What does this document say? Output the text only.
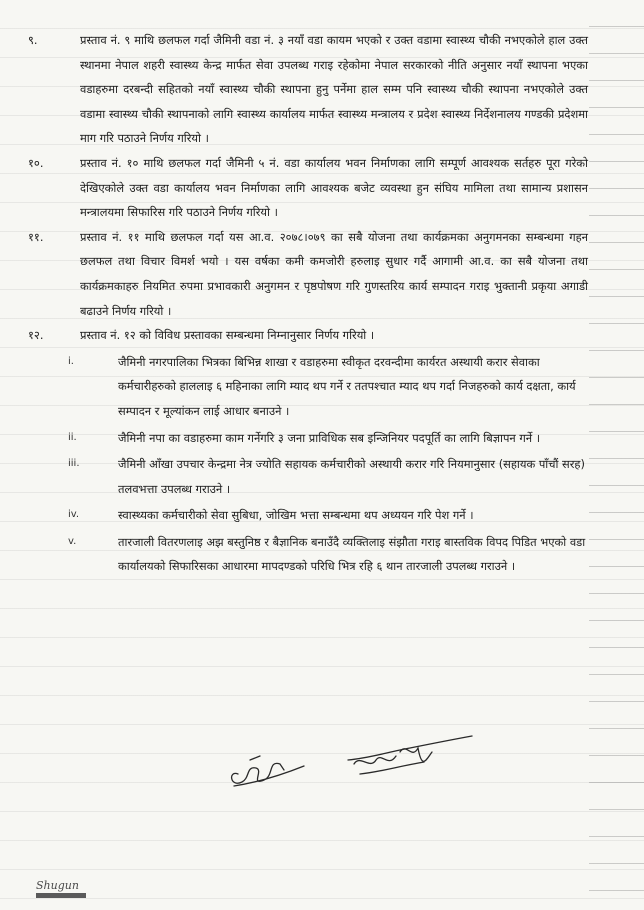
९.	प्रस्ताव नं. ९ माथि छलफल गर्दा जैमिनी वडा नं. ३ नयाँ वडा कायम भएको र उक्त वडामा स्वास्थ्य चौकी नभएकोले हाल उक्त स्थानमा नेपाल शहरी स्वास्थ्य केन्द्र मार्फत सेवा उपलब्ध गराइ रहेकोमा नेपाल सरकारको नीति अनुसार नयाँ स्थापना भएका वडाहरुमा दरबन्दी सहितको नयाँ स्वास्थ्य चौकी स्थापना हुनु पर्नेमा हाल सम्म पनि स्वास्थ्य चौकी स्थापना नभएकोले उक्त वडामा स्वास्थ्य चौकी स्थापनाको लागि स्वास्थ्य कार्यालय मार्फत स्वास्थ्य मन्त्रालय र प्रदेश स्वास्थ्य निर्देशनालय गण्डकी प्रदेशमा माग गरि पठाउने निर्णय गरियो ।

१०.	प्रस्ताव नं. १० माथि छलफल गर्दा जैमिनी ५ नं. वडा कार्यालय भवन निर्माणका लागि सम्पूर्ण आवश्यक सर्तहरु पूरा गरेको देखिएकोले उक्त वडा कार्यालय भवन निर्माणका लागि आवश्यक बजेट व्यवस्था हुन संघिय मामिला तथा सामान्य प्रशासन मन्त्रालयमा सिफारिस गरि पठाउने निर्णय गरियो ।

११.	प्रस्ताव नं. ११ माथि छलफल गर्दा यस आ.व. २०७८।०७९ का सबै योजना तथा कार्यक्रमका अनुगमनका सम्बन्धमा गहन छलफल तथा विचार विमर्श भयो । यस वर्षका कमी कमजोरी हरुलाइ सुधार गर्दै आगामी आ.व. का सबै योजना तथा कार्यक्रमकाहरु नियमित रुपमा प्रभावकारी अनुगमन र पृष्ठपोषण गरि गुणस्तरिय कार्य सम्पादन गराइ भुक्तानी प्रकृया अगाडी बढाउने निर्णय गरियो ।

१२.	प्रस्ताव नं. १२ को विविध प्रस्तावका सम्बन्धमा निम्नानुसार निर्णय गरियो ।

i.	जैमिनी नगरपालिका भित्रका बिभिन्न शाखा र वडाहरुमा स्वीकृत दरवन्दीमा कार्यरत अस्थायी करार सेवाका कर्मचारीहरुको हाललाइ ६ महिनाका लागि म्याद थप गर्ने र ततपश्चात म्याद थप गर्दा निजहरुको कार्य दक्षता, कार्य सम्पादन र मूल्यांकन लाई आधार बनाउने ।

ii.	जैमिनी नपा का वडाहरुमा काम गर्नेगरि ३ जना प्राविधिक सब इन्जिनियर पदपूर्ति का लागि बिज्ञापन गर्ने ।

iii.	जैमिनी आँखा उपचार केन्द्रमा नेत्र ज्योति सहायक कर्मचारीको अस्थायी करार गरि नियमानुसार (सहायक पाँचौं सरह) तलवभत्ता उपलब्ध गराउने ।

iv.	स्वास्थ्यका कर्मचारीको सेवा सुबिधा, जोखिम भत्ता सम्बन्धमा थप अध्ययन गरि पेश गर्ने ।

v.	तारजाली वितरणलाइ अझ बस्तुनिष्ठ र बैज्ञानिक बनाउँदै व्यक्तिलाइ संझौता गराइ बास्तविक विपद पिडित भएको वडा कार्यालयको सिफारिसका आधारमा मापदण्डको परिधि भित्र रहि ६ थान तारजाली उपलब्ध गराउने ।

Shugun
